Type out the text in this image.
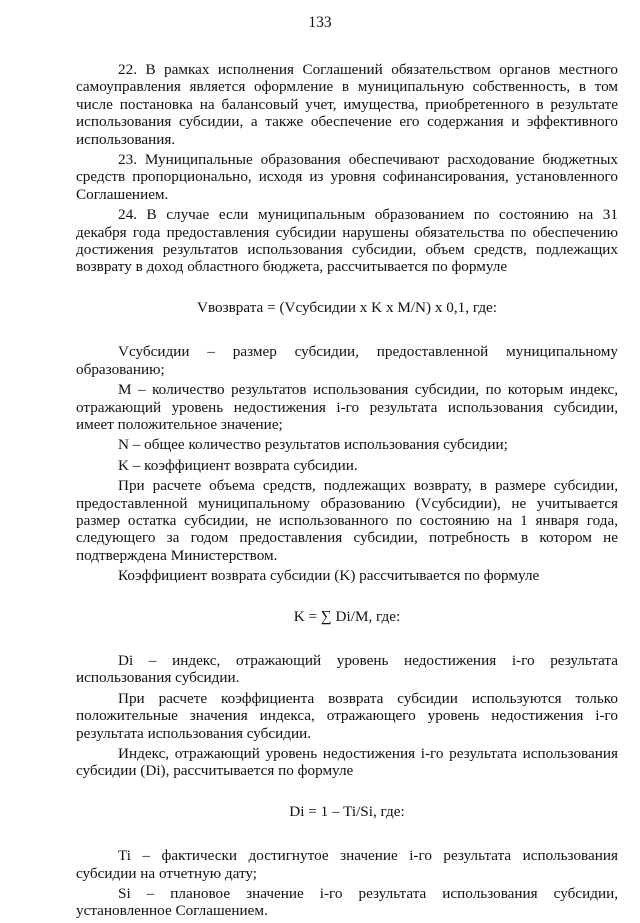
133

22. В рамках исполнения Соглашений обязательством органов местного самоуправления является оформление в муниципальную собственность, в том числе постановка на балансовый учет, имущества, приобретенного в результате использования субсидии, а также обеспечение его содержания и эффективного использования.

23. Муниципальные образования обеспечивают расходование бюджетных средств пропорционально, исходя из уровня софинансирования, установленного Соглашением.

24. В случае если муниципальным образованием по состоянию на 31 декабря года предоставления субсидии нарушены обязательства по обеспечению достижения результатов использования субсидии, объем средств, подлежащих возврату в доход областного бюджета, рассчитывается по формуле

Vвозврата = (Vсубсидии x K x M/N) x 0,1, где:

Vсубсидии – размер субсидии, предоставленной муниципальному образованию;

M – количество результатов использования субсидии, по которым индекс, отражающий уровень недостижения i-го результата использования субсидии, имеет положительное значение;

N – общее количество результатов использования субсидии;

K – коэффициент возврата субсидии.

При расчете объема средств, подлежащих возврату, в размере субсидии, предоставленной муниципальному образованию (Vсубсидии), не учитывается размер остатка субсидии, не использованного по состоянию на 1 января года, следующего за годом предоставления субсидии, потребность в котором не подтверждена Министерством.

Коэффициент возврата субсидии (K) рассчитывается по формуле

K = ∑ Di/M, где:

Di – индекс, отражающий уровень недостижения i-го результата использования субсидии.

При расчете коэффициента возврата субсидии используются только положительные значения индекса, отражающего уровень недостижения i-го результата использования субсидии.

Индекс, отражающий уровень недостижения i-го результата использования субсидии (Di), рассчитывается по формуле

Di = 1 – Ti/Si, где:

Ti – фактически достигнутое значение i-го результата использования субсидии на отчетную дату;

Si – плановое значение i-го результата использования субсидии, установленное Соглашением.
